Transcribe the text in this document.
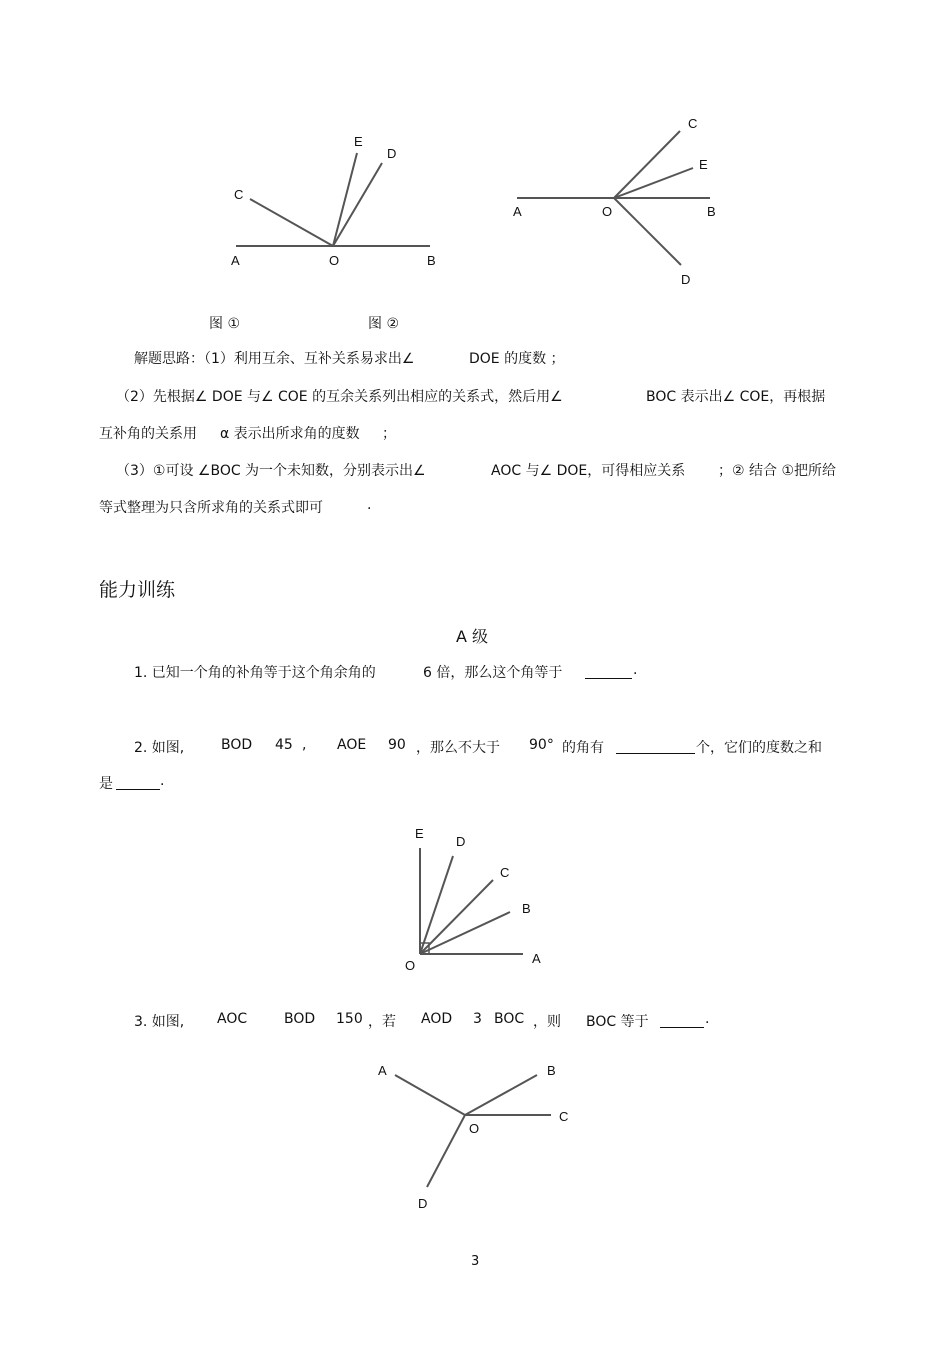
E
D
C
A	O	B
C
E
A	O	B
D
图 ①	图 ②
解题思路：（1）利用互余、互补关系易求出∠	DOE 的度数 ；
（2）先根据∠ DOE 与∠ COE 的互余关系列出相应的关系式，然后用∠	BOC 表示出∠ COE，再根据
互补角的关系用 α 表示出所求角的度数 ；
（3）①可设 ∠BOC 为一个未知数，分别表示出∠	AOC 与∠ DOE，可得相应关系 ；② 结合 ①把所给
等式整理为只含所求角的关系式即可	.
能力训练
A 级
1. 已知一个角的补角等于这个角余角的	6 倍，那么这个角等于	.
2. 如图,	BOD 45 , AOE 90 ，那么不大于 90° 的角有	个，它们的度数之和
是	.
E
D
C
B
O	A
3. 如图, AOC	BOD 150 ，若 AOD 3 BOC ，则 BOC 等于	.
A	B
C
O
D
3
